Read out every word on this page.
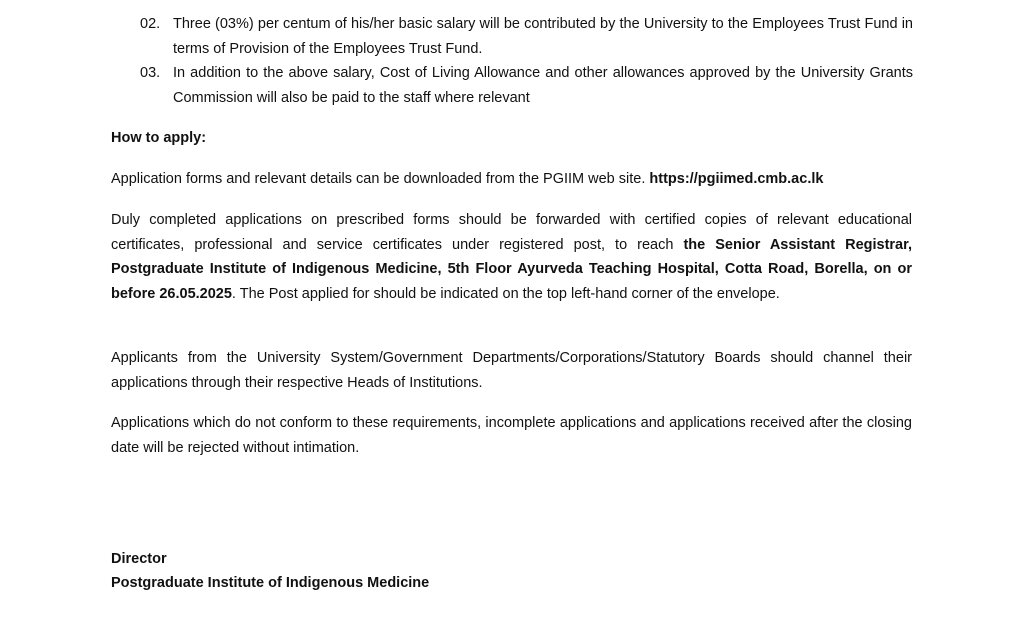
02. Three (03%) per centum of his/her basic salary will be contributed by the University to the Employees Trust Fund in terms of Provision of the Employees Trust Fund.
03. In addition to the above salary, Cost of Living Allowance and other allowances approved by the University Grants Commission will also be paid to the staff where relevant

How to apply:

Application forms and relevant details can be downloaded from the PGIIM web site. https://pgiimed.cmb.ac.lk

Duly completed applications on prescribed forms should be forwarded with certified copies of relevant educational certificates, professional and service certificates under registered post, to reach the Senior Assistant Registrar, Postgraduate Institute of Indigenous Medicine, 5th Floor Ayurveda Teaching Hospital, Cotta Road, Borella, on or before 26.05.2025. The Post applied for should be indicated on the top left-hand corner of the envelope.

Applicants from the University System/Government Departments/Corporations/Statutory Boards should channel their applications through their respective Heads of Institutions.

Applications which do not conform to these requirements, incomplete applications and applications received after the closing date will be rejected without intimation.

Director

Postgraduate Institute of Indigenous Medicine
